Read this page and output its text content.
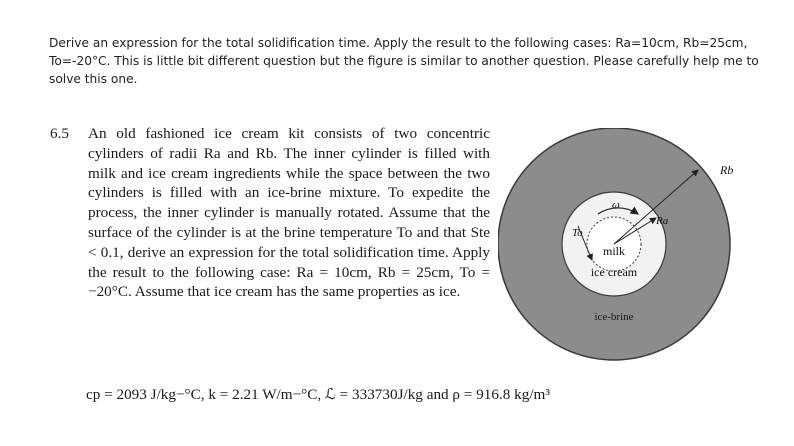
Derive an expression for the total solidification time. Apply the result to the following cases: Ra=10cm, Rb=25cm, To=-20°C. This is little bit different question but the figure is similar to another question. Please carefully help me to solve this one.
6.5	An old fashioned ice cream kit consists of two concentric cylinders of radii Ra and Rb. The inner cylinder is filled with milk and ice cream ingredients while the space between the two cylinders is filled with an ice-brine mixture. To expedite the process, the inner cylinder is manually rotated. Assume that the surface of the cylinder is at the brine temperature To and that Ste < 0.1, derive an expression for the total solidification time. Apply the result to the following case: Ra = 10cm, Rb = 25cm, To = −20°C. Assume that ice cream has the same properties as ice.
cp = 2093 J/kg−°C, k = 2.21 W/m−°C, ℒ = 333730J/kg and ρ = 916.8 kg/m³
Rb
Ra
ω
To
milk
ice cream
ice-brine
